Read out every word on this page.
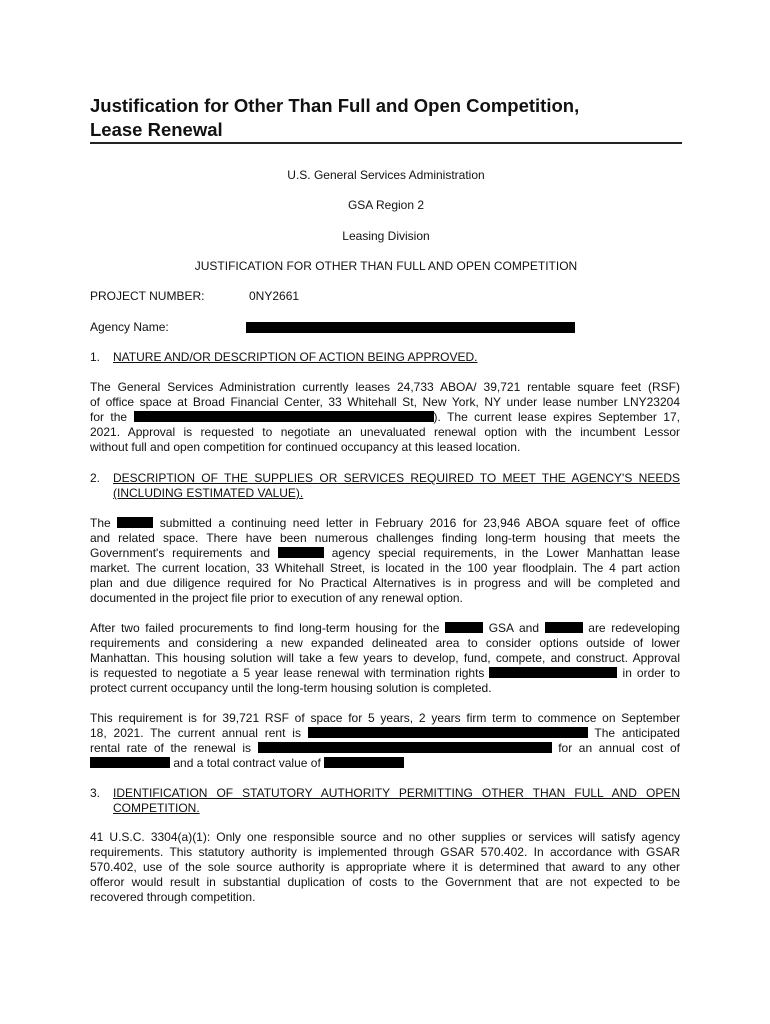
Justification for Other Than Full and Open Competition,
Lease Renewal
U.S. General Services Administration
GSA Region 2
Leasing Division
JUSTIFICATION FOR OTHER THAN FULL AND OPEN COMPETITION
PROJECT NUMBER:	0NY2661
Agency Name:
1. NATURE AND/OR DESCRIPTION OF ACTION BEING APPROVED.
The General Services Administration currently leases 24,733 ABOA/ 39,721 rentable square feet (RSF)
of office space at Broad Financial Center, 33 Whitehall St, New York, NY under lease number LNY23204
for the	). The current lease expires September 17,
2021. Approval is requested to negotiate an unevaluated renewal option with the incumbent Lessor
without full and open competition for continued occupancy at this leased location.
2. DESCRIPTION OF THE SUPPLIES OR SERVICES REQUIRED TO MEET THE AGENCY'S NEEDS
(INCLUDING ESTIMATED VALUE).
The	submitted a continuing need letter in February 2016 for 23,946 ABOA square feet of office
and related space. There have been numerous challenges finding long-term housing that meets the
Government's requirements and	agency special requirements, in the Lower Manhattan lease
market. The current location, 33 Whitehall Street, is located in the 100 year floodplain. The 4 part action
plan and due diligence required for No Practical Alternatives is in progress and will be completed and
documented in the project file prior to execution of any renewal option.
After two failed procurements to find long-term housing for the	GSA and	are redeveloping
requirements and considering a new expanded delineated area to consider options outside of lower
Manhattan. This housing solution will take a few years to develop, fund, compete, and construct. Approval
is requested to negotiate a 5 year lease renewal with termination rights	in order to
protect current occupancy until the long-term housing solution is completed.
This requirement is for 39,721 RSF of space for 5 years, 2 years firm term to commence on September
18, 2021. The current annual rent is	The anticipated
rental rate of the renewal is	for an annual cost of
and a total contract value of
3. IDENTIFICATION OF STATUTORY AUTHORITY PERMITTING OTHER THAN FULL AND OPEN
COMPETITION.
41 U.S.C. 3304(a)(1): Only one responsible source and no other supplies or services will satisfy agency
requirements. This statutory authority is implemented through GSAR 570.402. In accordance with GSAR
570.402, use of the sole source authority is appropriate where it is determined that award to any other
offeror would result in substantial duplication of costs to the Government that are not expected to be
recovered through competition.
